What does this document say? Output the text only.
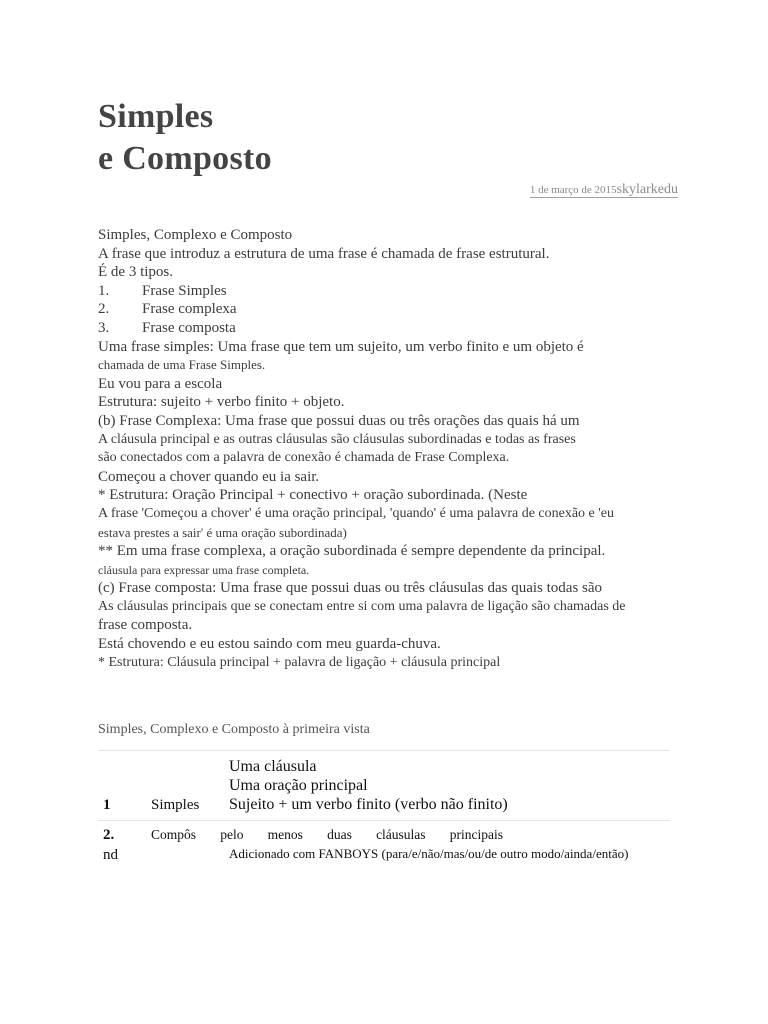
Simples
e Composto
1 de março de 2015skylarkedu
Simples, Complexo e Composto
A frase que introduz a estrutura de uma frase é chamada de frase estrutural.
É de 3 tipos.
1. Frase Simples
2. Frase complexa
3. Frase composta
Uma frase simples: Uma frase que tem um sujeito, um verbo finito e um objeto é
chamada de uma Frase Simples.
Eu vou para a escola
Estrutura: sujeito + verbo finito + objeto.
(b) Frase Complexa: Uma frase que possui duas ou três orações das quais há um
A cláusula principal e as outras cláusulas são cláusulas subordinadas e todas as frases
são conectados com a palavra de conexão é chamada de Frase Complexa.
Começou a chover quando eu ia sair.
* Estrutura: Oração Principal + conectivo + oração subordinada. (Neste
A frase 'Começou a chover' é uma oração principal, 'quando' é uma palavra de conexão e 'eu
estava prestes a sair' é uma oração subordinada)
** Em uma frase complexa, a oração subordinada é sempre dependente da principal.
cláusula para expressar uma frase completa.
(c) Frase composta: Uma frase que possui duas ou três cláusulas das quais todas são
As cláusulas principais que se conectam entre si com uma palavra de ligação são chamadas de
frase composta.
Está chovendo e eu estou saindo com meu guarda-chuva.
* Estrutura: Cláusula principal + palavra de ligação + cláusula principal
Simples, Complexo e Composto à primeira vista
1	Simples
Uma cláusula
Uma oração principal
Sujeito + um verbo finito (verbo não finito)
2.
nd
Compôs pelo menos duas cláusulas principais
Adicionado com FANBOYS (para/e/não/mas/ou/de outro modo/ainda/então)
